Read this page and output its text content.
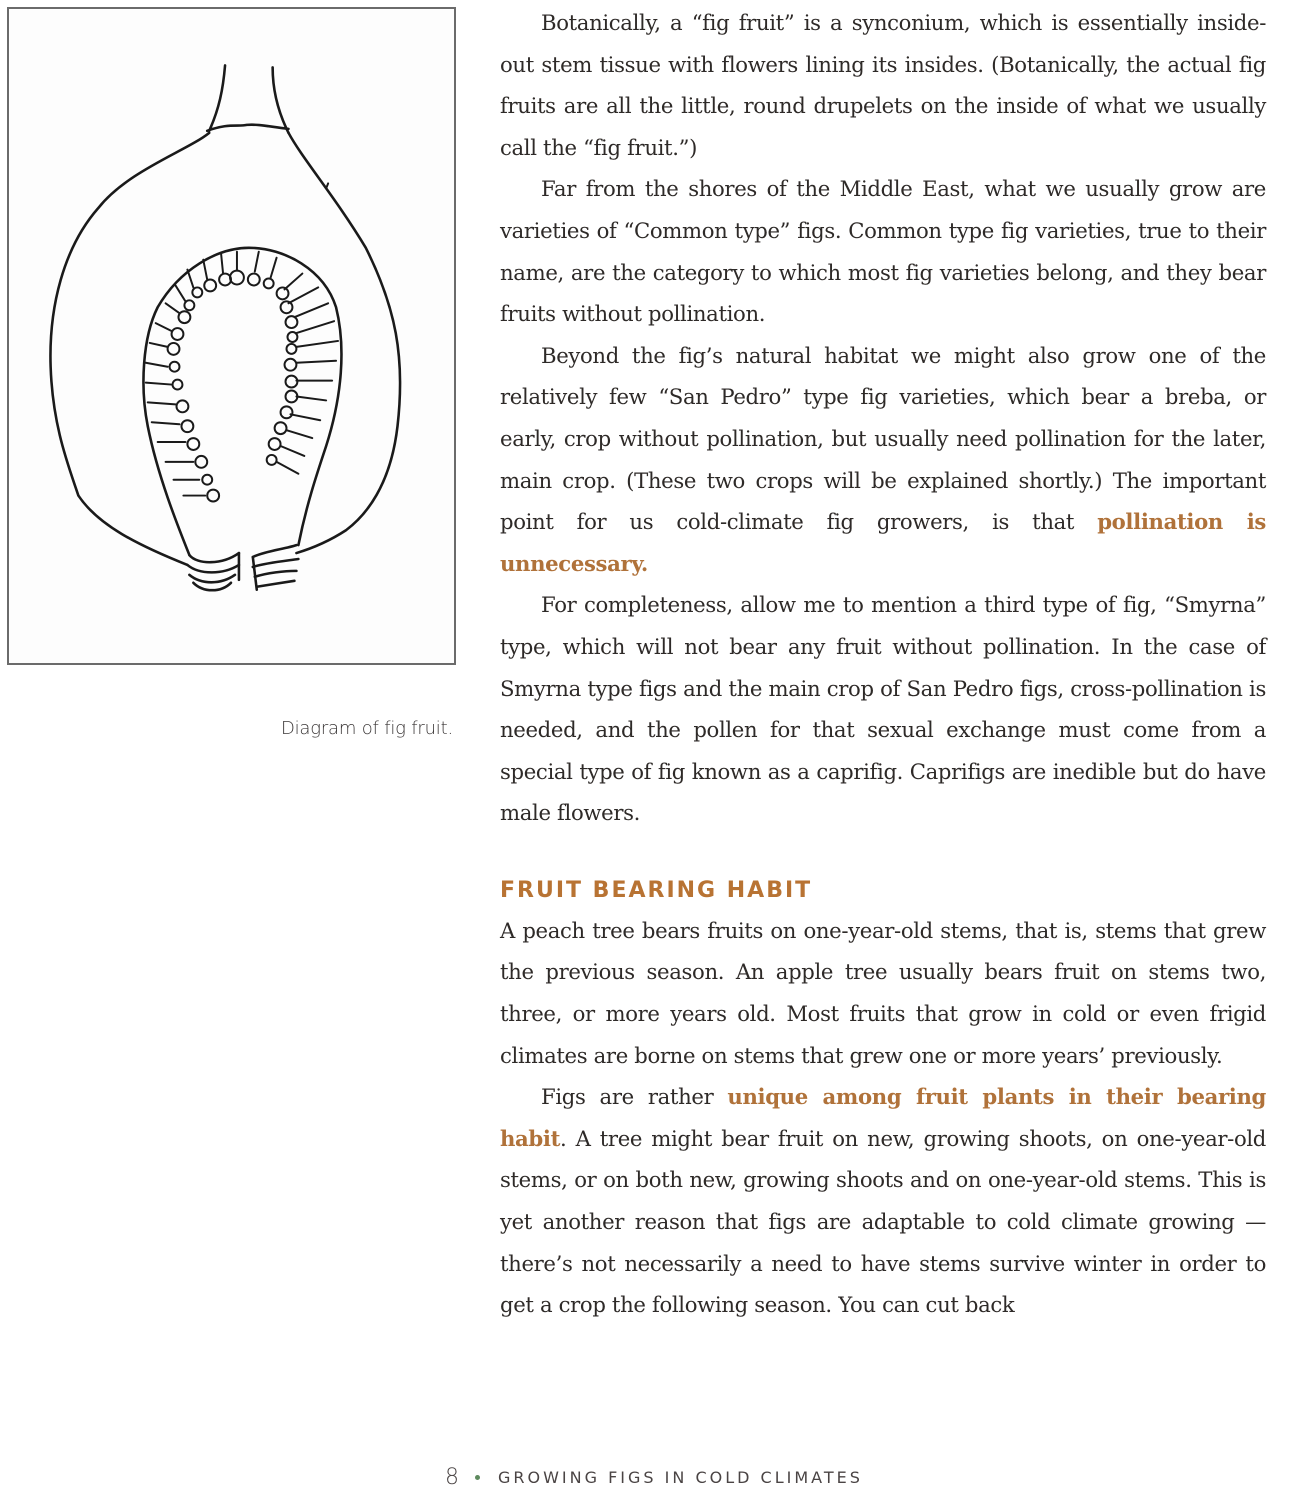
Diagram of fig fruit.

Botanically, a “fig fruit” is a synconium, which is essentially inside-out stem tissue with flowers lining its insides. (Botanically, the actual fig fruits are all the little, round drupelets on the inside of what we usually call the “fig fruit.”)

Far from the shores of the Middle East, what we usually grow are varieties of “Common type” figs. Common type fig varieties, true to their name, are the category to which most fig varieties belong, and they bear fruits without pollination.

Beyond the fig’s natural habitat we might also grow one of the relatively few “San Pedro” type fig varieties, which bear a breba, or early, crop without pollination, but usually need pollination for the later, main crop. (These two crops will be explained shortly.) The important point for us cold-climate fig growers, is that pollination is unnecessary.

For completeness, allow me to mention a third type of fig, “Smyrna” type, which will not bear any fruit without pollination. In the case of Smyrna type figs and the main crop of San Pedro figs, cross-pollination is needed, and the pollen for that sexual exchange must come from a special type of fig known as a caprifig. Caprifigs are inedible but do have male flowers.

FRUIT BEARING HABIT

A peach tree bears fruits on one-year-old stems, that is, stems that grew the previous season. An apple tree usually bears fruit on stems two, three, or more years old. Most fruits that grow in cold or even frigid climates are borne on stems that grew one or more years’ previously.

Figs are rather unique among fruit plants in their bearing habit. A tree might bear fruit on new, growing shoots, on one-year-old stems, or on both new, growing shoots and on one-year-old stems. This is yet another reason that figs are adaptable to cold climate growing — there’s not necessarily a need to have stems survive winter in order to get a crop the following season. You can cut back

8 GROWING FIGS IN COLD CLIMATES
